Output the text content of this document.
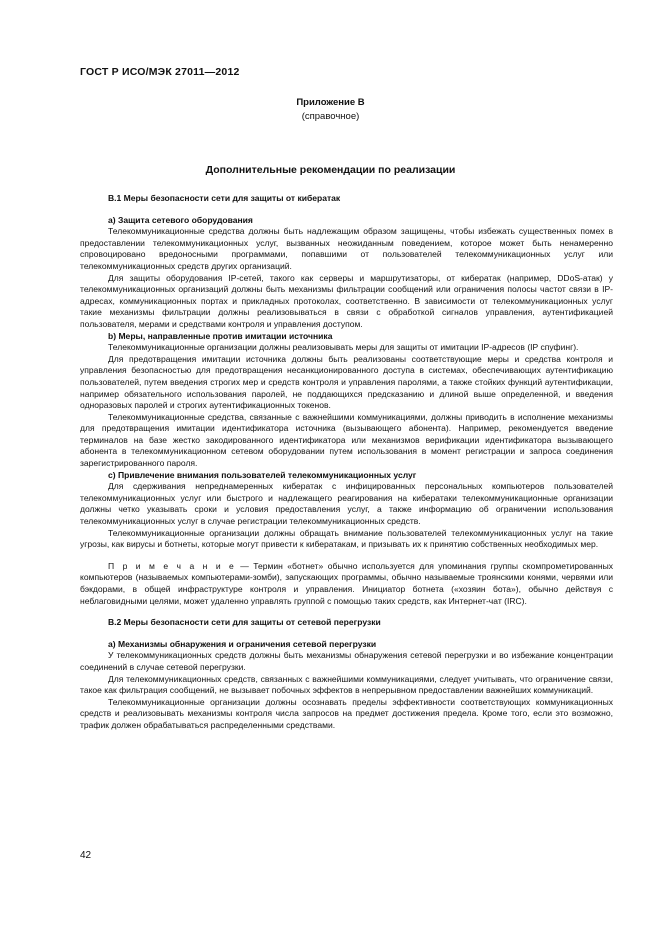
ГОСТ Р ИСО/МЭК 27011—2012
Приложение В
(справочное)
Дополнительные рекомендации по реализации
В.1 Меры безопасности сети для защиты от кибератак
а) Защита сетевого оборудования

Телекоммуникационные средства должны быть надлежащим образом защищены, чтобы избежать существенных помех в предоставлении телекоммуникационных услуг, вызванных неожиданным поведением, которое может быть ненамеренно спровоцировано вредоносными программами, попавшими от пользователей телекоммуникационных услуг или телекоммуникационных средств других организаций.

Для защиты оборудования IP-сетей, такого как серверы и маршрутизаторы, от кибератак (например, DDoS-атак) у телекоммуникационных организаций должны быть механизмы фильтрации сообщений или ограничения полосы частот связи в IP-адресах, коммуникационных портах и прикладных протоколах, соответственно. В зависимости от телекоммуникационных услуг такие механизмы фильтрации должны реализовываться в связи с обработкой сигналов управления, аутентификацией пользователя, мерами и средствами контроля и управления доступом.

b) Меры, направленные против имитации источника

Телекоммуникационные организации должны реализовывать меры для защиты от имитации IP-адресов (IP спуфинг).

Для предотвращения имитации источника должны быть реализованы соответствующие меры и средства контроля и управления безопасностью для предотвращения несанкционированного доступа в системах, обеспечивающих аутентификацию пользователей, путем введения строгих мер и средств контроля и управления паролями, а также стойких функций аутентификации, например обязательного использования паролей, не поддающихся предсказанию и длиной выше определенной, и введения одноразовых паролей и строгих аутентификационных токенов.

Телекоммуникационные средства, связанные с важнейшими коммуникациями, должны приводить в исполнение механизмы для предотвращения имитации идентификатора источника (вызывающего абонента). Например, рекомендуется введение терминалов на базе жестко закодированного идентификатора или механизмов верификации идентификатора вызывающего абонента в телекоммуникационном сетевом оборудовании путем использования в момент регистрации и запроса соединения зарегистрированного пароля.

с) Привлечение внимания пользователей телекоммуникационных услуг

Для сдерживания непреднамеренных кибератак с инфицированных персональных компьютеров пользователей телекоммуникационных услуг или быстрого и надлежащего реагирования на кибератаки телекоммуникационные организации должны четко указывать сроки и условия предоставления услуг, а также информацию об ограничении использования телекоммуникационных услуг в случае регистрации телекоммуникационных средств.

Телекоммуникационные организации должны обращать внимание пользователей телекоммуникационных услуг на такие угрозы, как вирусы и ботнеты, которые могут привести к кибератакам, и призывать их к принятию собственных необходимых мер.

П р и м е ч а н и е — Термин «ботнет» обычно используется для упоминания группы скомпрометированных компьютеров (называемых компьютерами-зомби), запускающих программы, обычно называемые троянскими конями, червями или бэкдорами, в общей инфраструктуре контроля и управления. Инициатор ботнета («хозяин бота»), обычно действуя с неблаговидными целями, может удаленно управлять группой с помощью таких средств, как Интернет-чат (IRC).

В.2 Меры безопасности сети для защиты от сетевой перегрузки
а) Механизмы обнаружения и ограничения сетевой перегрузки

У телекоммуникационных средств должны быть механизмы обнаружения сетевой перегрузки и во избежание концентрации соединений в случае сетевой перегрузки.

Для телекоммуникационных средств, связанных с важнейшими коммуникациями, следует учитывать, что ограничение связи, такое как фильтрация сообщений, не вызывает побочных эффектов в непрерывном предоставлении важнейших коммуникаций.

Телекоммуникационные организации должны осознавать пределы эффективности соответствующих коммуникационных средств и реализовывать механизмы контроля числа запросов на предмет достижения предела. Кроме того, если это возможно, трафик должен обрабатываться распределенными средствами.

42
